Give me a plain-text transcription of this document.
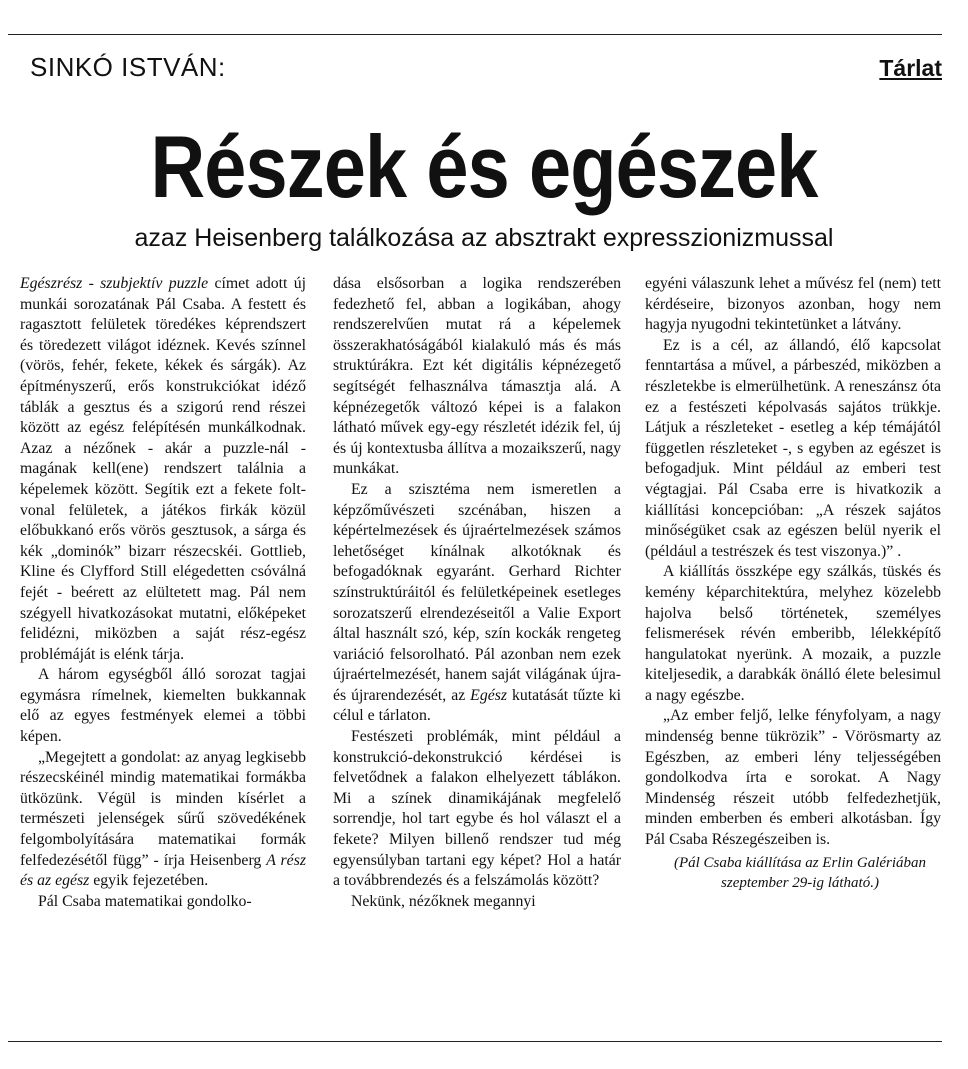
SINKÓ ISTVÁN:	Tárlat
Részek és egészek
azaz Heisenberg találkozása az absztrakt expresszionizmussal

Egészrész - szubjektív puzzle címet adott új munkái sorozatának Pál Csaba. A festett és ragasztott felületek töredékes képrendszert és töredezett világot idéznek. Kevés színnel (vörös, fehér, fekete, kékek és sárgák). Az építményszerű, erős konstrukciókat idéző táblák a gesztus és a szigorú rend részei között az egész felépítésén munkálkodnak. Azaz a nézőnek - akár a puzzle-nál - magának kell(ene) rendszert találnia a képelemek között. Segítik ezt a fekete folt-vonal felületek, a játékos firkák közül előbukkanó erős vörös gesztusok, a sárga és kék „dominók” bizarr részecskéi. Gottlieb, Kline és Clyfford Still elégedetten csóválná fejét - beérett az elültetett mag. Pál nem szégyell hivatkozásokat mutatni, előképeket felidézni, miközben a saját rész-egész problémáját is elénk tárja.

A három egységből álló sorozat tagjai egymásra rímelnek, kiemelten bukkannak elő az egyes festmények elemei a többi képen.

„Megejtett a gondolat: az anyag legkisebb részecskéinél mindig matematikai formákba ütközünk. Végül is minden kísérlet a természeti jelenségek sűrű szövedékének felgombolyítására matematikai formák felfedezésétől függ” - írja Heisenberg A rész és az egész egyik fejezetében.

Pál Csaba matematikai gondolko-

dása elsősorban a logika rendszerében fedezhető fel, abban a logikában, ahogy rendszerelvűen mutat rá a képelemek összerakhatóságából kialakuló más és más struktúrákra. Ezt két digitális képnézegető segítségét felhasználva támasztja alá. A képnézegetők változó képei is a falakon látható művek egy-egy részletét idézik fel, új és új kontextusba állítva a mozaikszerű, nagy munkákat.

Ez a szisztéma nem ismeretlen a képzőművészeti szcénában, hiszen a képértelmezések és újraértelmezések számos lehetőséget kínálnak alkotóknak és befogadóknak egyaránt. Gerhard Richter színstruktúráitól és felületképeinek esetleges sorozatszerű elrendezéseitől a Valie Export által használt szó, kép, szín kockák rengeteg variáció felsorolható. Pál azonban nem ezek újraértelmezését, hanem saját világának újra- és újrarendezését, az Egész kutatását tűzte ki célul e tárlaton.

Festészeti problémák, mint például a konstrukció-dekonstrukció kérdései is felvetődnek a falakon elhelyezett táblákon. Mi a színek dinamikájának megfelelő sorrendje, hol tart egybe és hol választ el a fekete? Milyen billenő rendszer tud még egyensúlyban tartani egy képet? Hol a határ a továbbrendezés és a felszámolás között?

Nekünk, nézőknek megannyi

egyéni válaszunk lehet a művész fel (nem) tett kérdéseire, bizonyos azonban, hogy nem hagyja nyugodni tekintetünket a látvány.

Ez is a cél, az állandó, élő kapcsolat fenntartása a művel, a párbeszéd, miközben a részletekbe is elmerülhetünk. A reneszánsz óta ez a festészeti képolvasás sajátos trükkje. Látjuk a részleteket - esetleg a kép témájától független részleteket -, s egyben az egészet is befogadjuk. Mint például az emberi test végtagjai. Pál Csaba erre is hivatkozik a kiállítási koncepcióban: „A részek sajátos minőségüket csak az egészen belül nyerik el (például a testrészek és test viszonya.)” .

A kiállítás összképe egy szálkás, tüskés és kemény képarchitektúra, melyhez közelebb hajolva belső történetek, személyes felismerések révén emberibb, lélekképítő hangulatokat nyerünk. A mozaik, a puzzle kiteljesedik, a darabkák önálló élete belesimul a nagy egészbe.

„Az ember feljő, lelke fényfolyam, a nagy mindenség benne tükrözik” - Vörösmarty az Egészben, az emberi lény teljességében gondolkodva írta e sorokat. A Nagy Mindenség részeit utóbb felfedezhetjük, minden emberben és emberi alkotásban. Így Pál Csaba Részegészeiben is.

(Pál Csaba kiállítása az Erlin Galériában szeptember 29-ig látható.)
